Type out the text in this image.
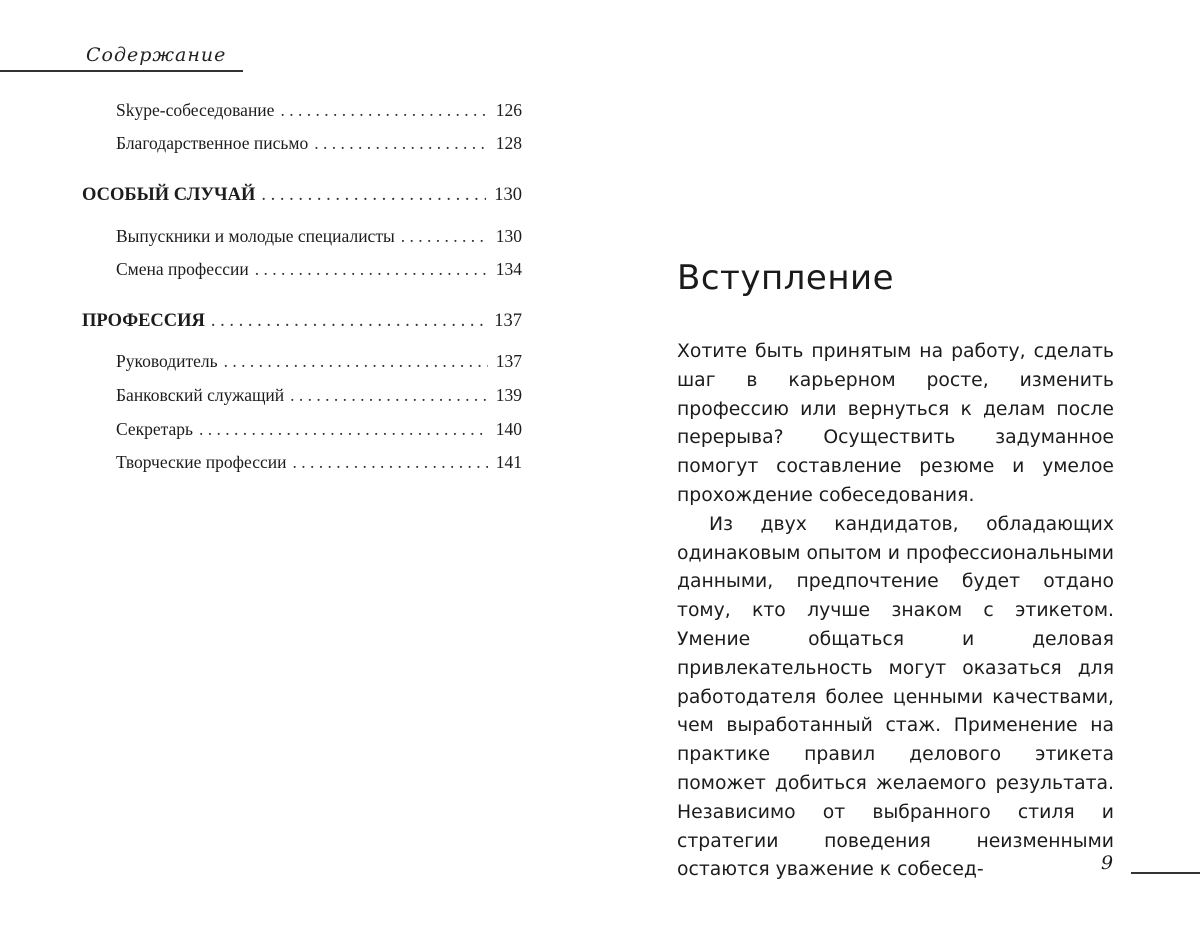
Содержание
Skype-собеседование . . .	126
Благодарственное письмо . . .	128
ОСОБЫЙ СЛУЧАЙ . . .	130
Выпускники и молодые специалисты . . .	130
Смена профессии . . .	134
ПРОФЕССИЯ . . .	137
Руководитель . . .	137
Банковский служащий . . .	139
Секретарь . . .	140
Творческие профессии . . .	141
Вступление

Хотите быть принятым на работу, сделать шаг в карьерном росте, изменить профессию или вернуться к делам после перерыва? Осуществить задуманное помогут составление резюме и умелое прохождение собеседования.

Из двух кандидатов, обладающих одинаковым опытом и профессиональными данными, предпочтение будет отдано тому, кто лучше знаком с этикетом. Умение общаться и деловая привлекательность могут оказаться для работодателя более ценными качествами, чем выработанный стаж. Применение на практике правил делового этикета поможет добиться желаемого результата. Независимо от выбранного стиля и стратегии поведения неизменными остаются уважение к собесед-	9
